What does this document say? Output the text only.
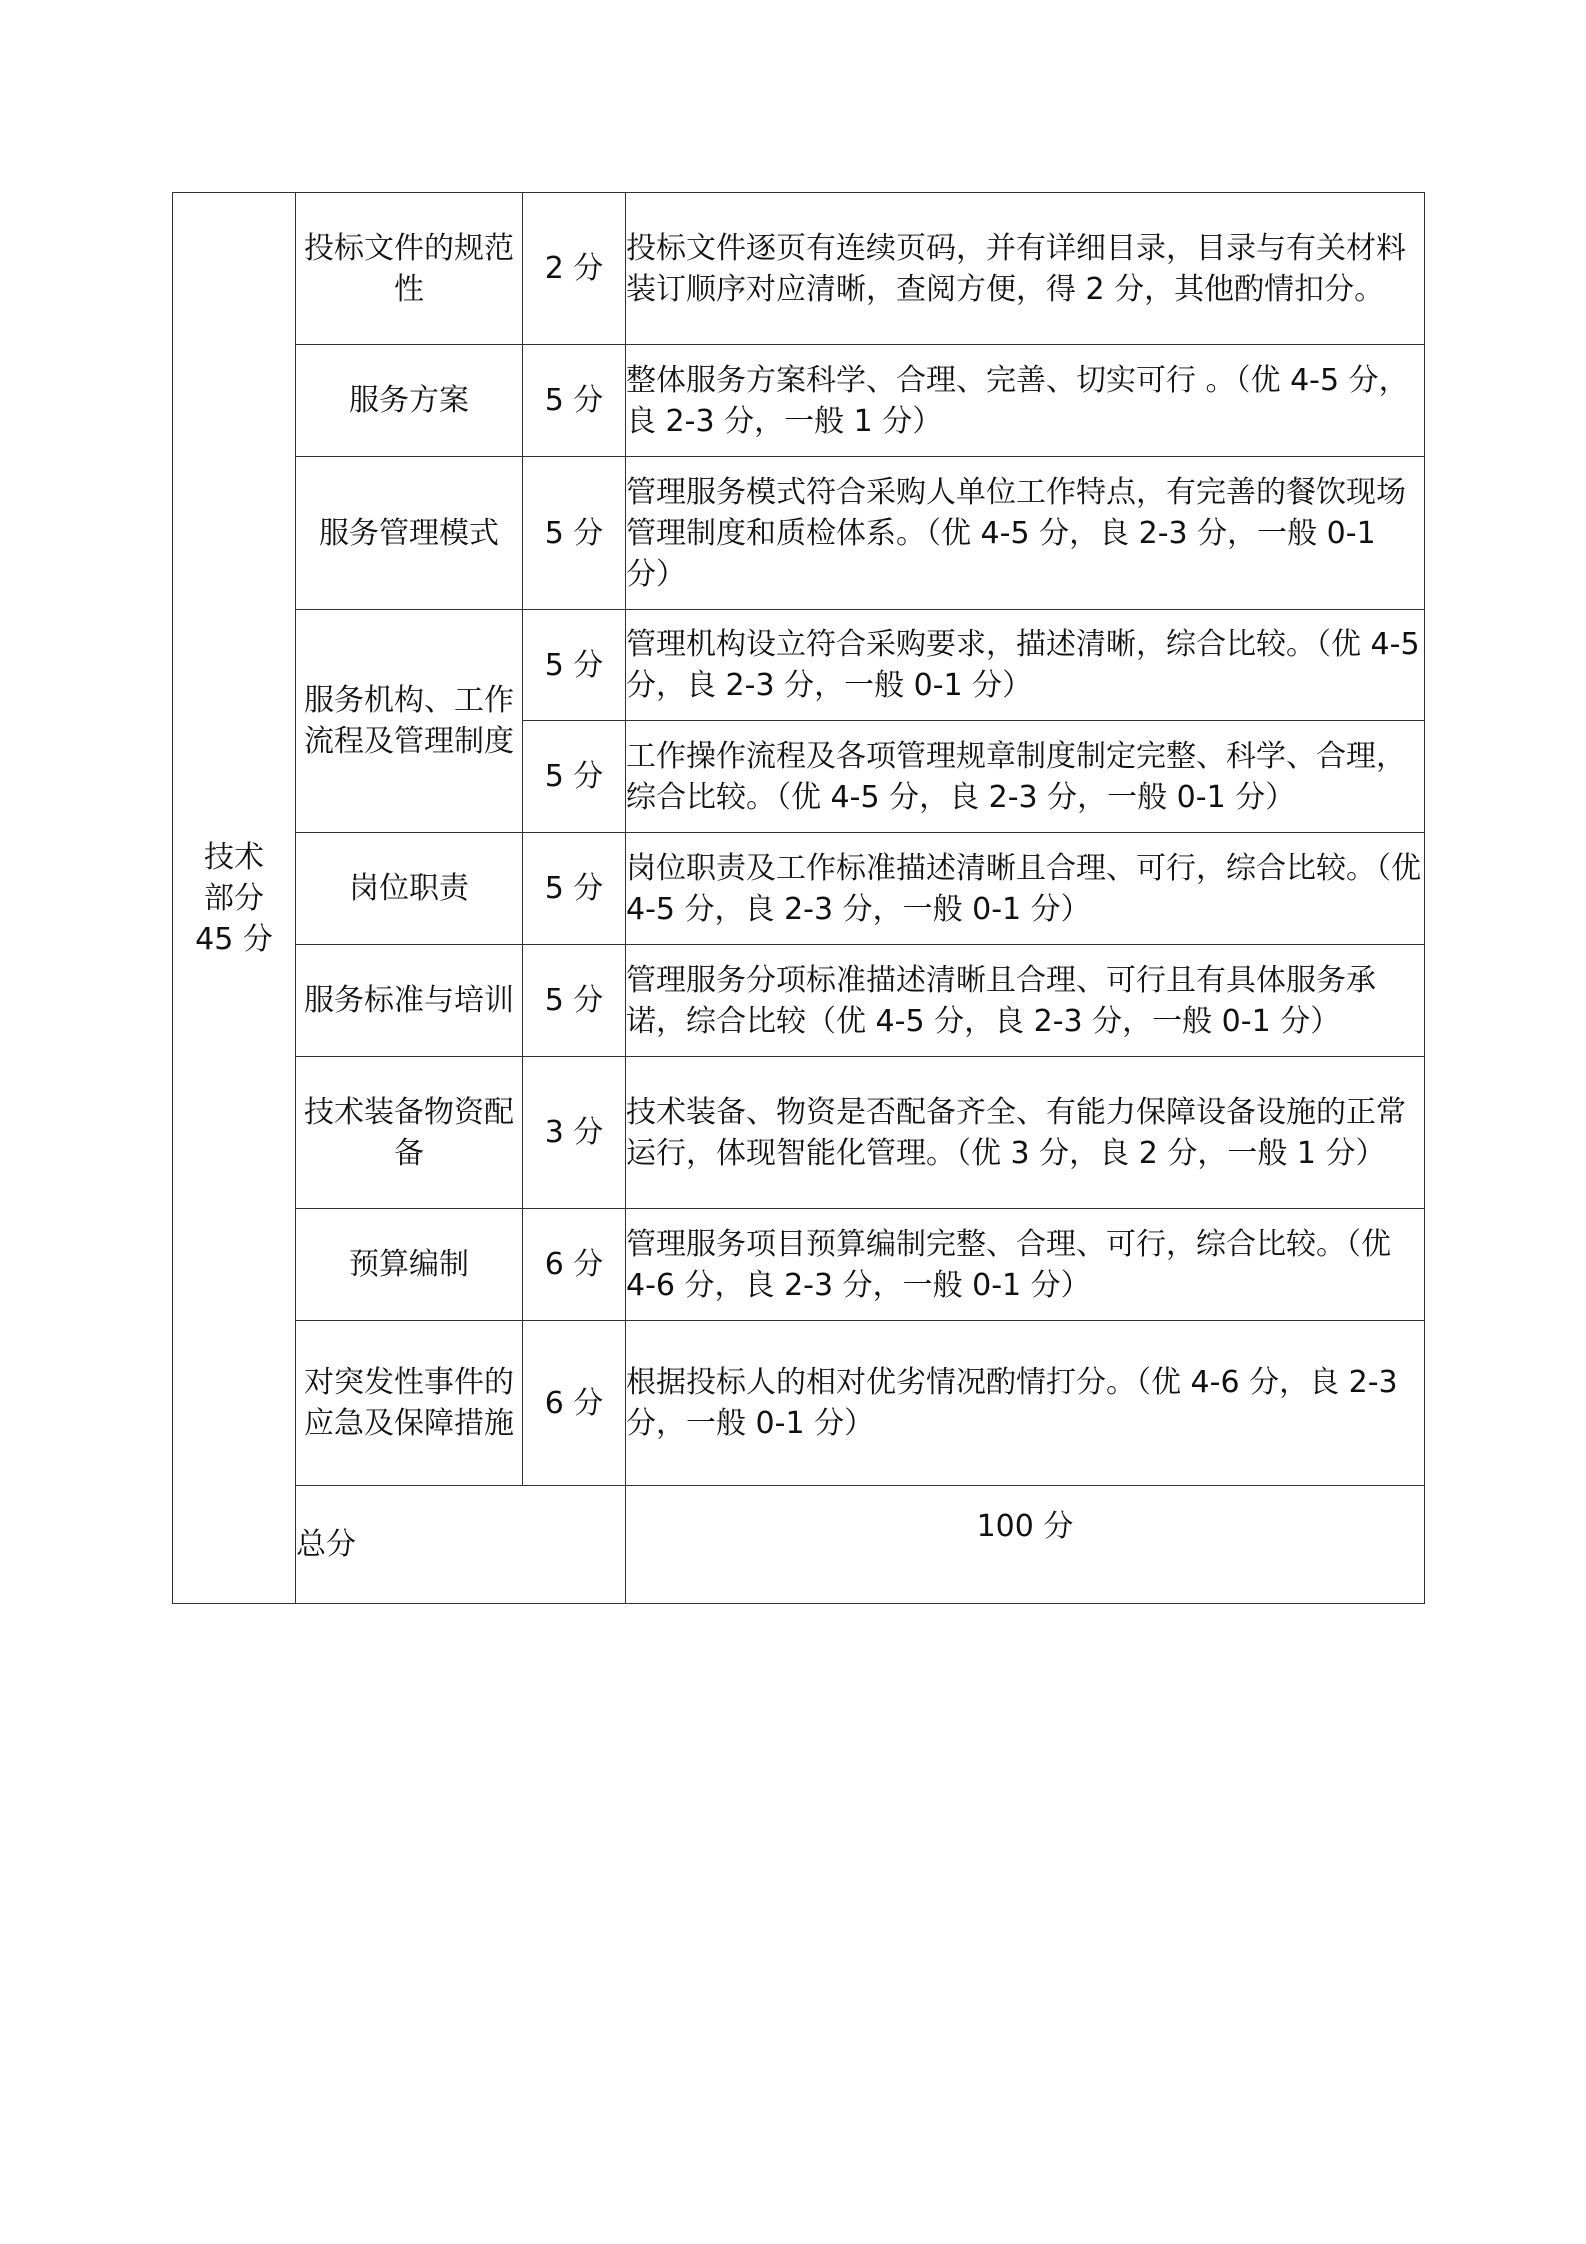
技术
部分
45 分	投标文件的规范性	2 分	投标文件逐页有连续页码，并有详细目录，目录与有关材料装订顺序对应清晰，查阅方便，得 2 分，其他酌情扣分。	
	服务方案	5 分	整体服务方案科学、合理、完善、切实可行 。（优 4-5 分，良 2-3 分，一般 1 分）	
	服务管理模式	5 分	管理服务模式符合采购人单位工作特点，有完善的餐饮现场管理制度和质检体系。（优 4-5 分，良 2-3 分，一般 0-1 分）	
	服务机构、工作流程及管理制度	5 分	管理机构设立符合采购要求，描述清晰，综合比较。（优 4-5 分，良 2-3 分，一般 0-1 分）	
		5 分	工作操作流程及各项管理规章制度制定完整、科学、合理，综合比较。（优 4-5 分，良 2-3 分，一般 0-1 分）	
	岗位职责	5 分	岗位职责及工作标准描述清晰且合理、可行，综合比较。（优 4-5 分，良 2-3 分，一般 0-1 分）	
	服务标准与培训	5 分	管理服务分项标准描述清晰且合理、可行且有具体服务承诺，综合比较（优 4-5 分，良 2-3 分，一般 0-1 分）	
	技术装备物资配备	3 分	技术装备、物资是否配备齐全、有能力保障设备设施的正常运行，体现智能化管理。（优 3 分，良 2 分，一般 1 分）	
	预算编制	6 分	管理服务项目预算编制完整、合理、可行，综合比较。（优 4-6 分，良 2-3 分，一般 0-1 分）	
	对突发性事件的应急及保障措施	6 分	根据投标人的相对优劣情况酌情打分。（优 4-6 分，良 2-3 分，一般 0-1 分）	
	总分		100 分	
